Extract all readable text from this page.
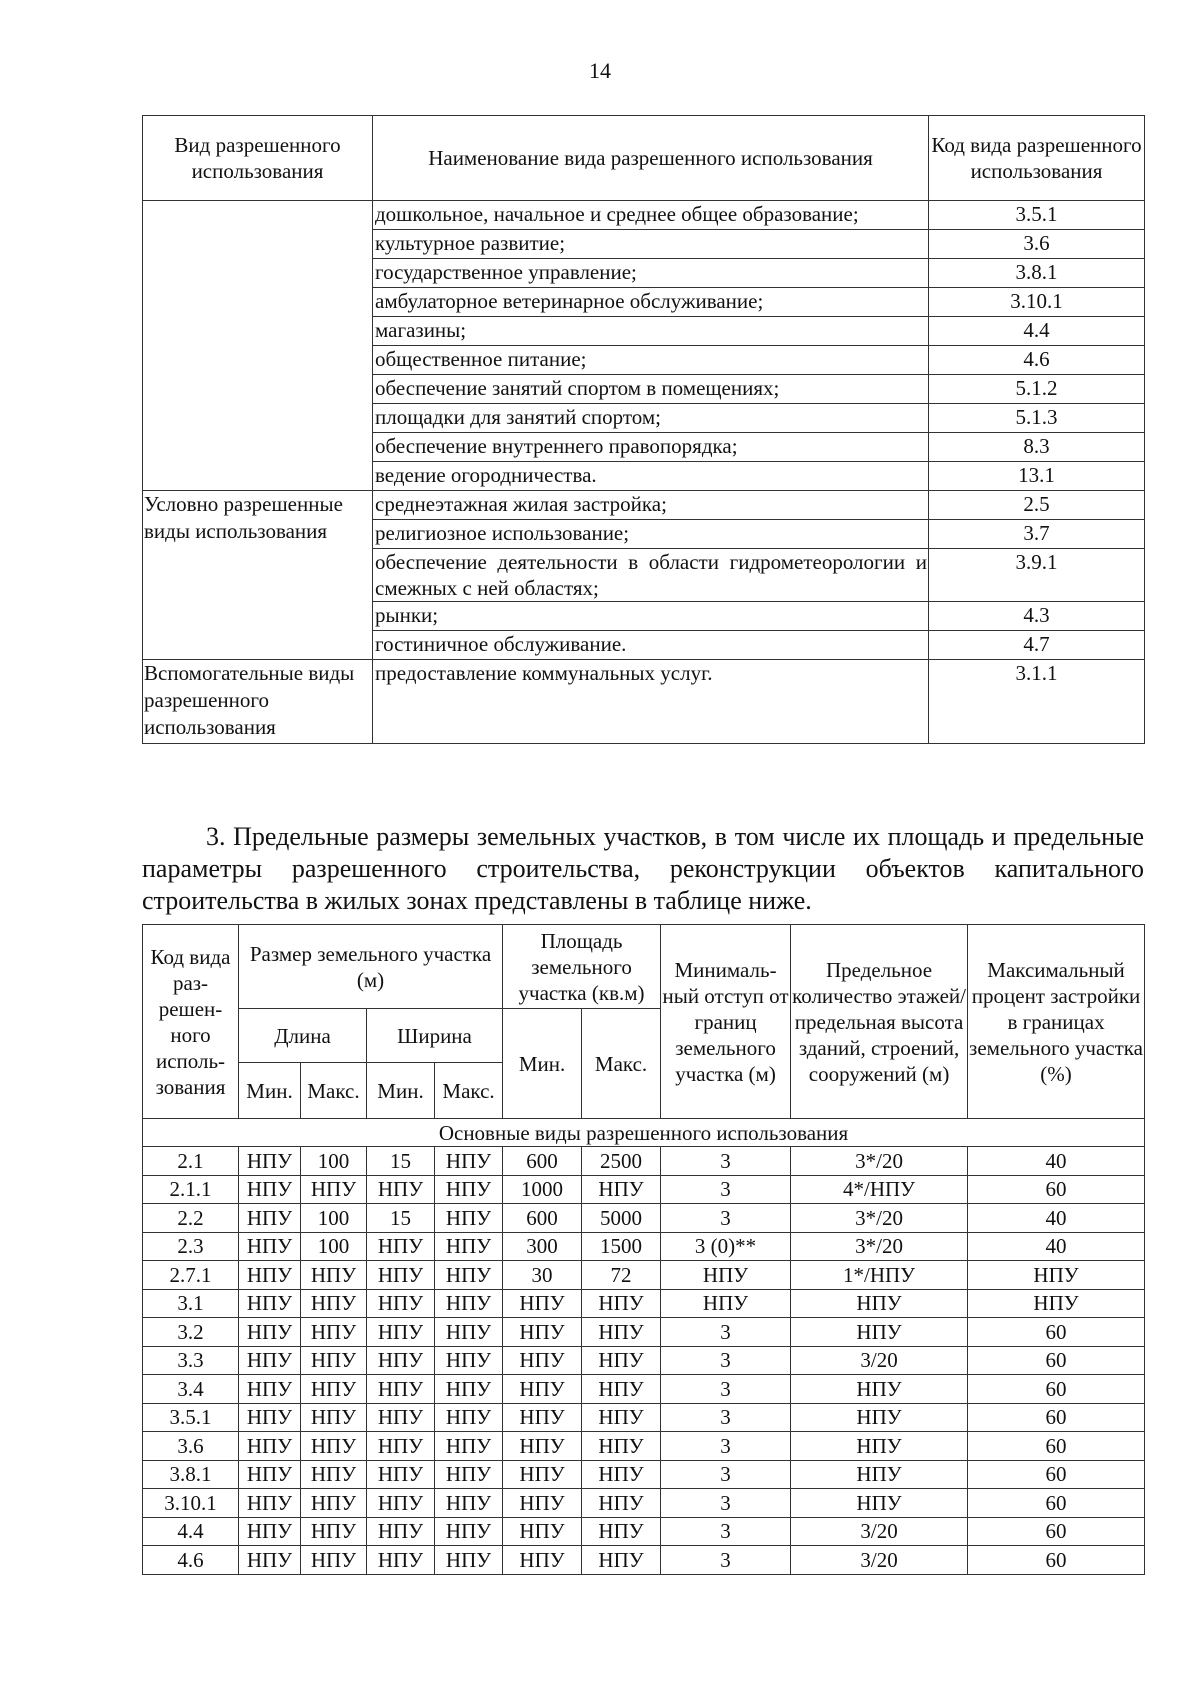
14
Вид разрешенного использования	Наименование вида разрешенного использования	Код вида разрешенного использования
	дошкольное, начальное и среднее общее образование;	3.5.1
	культурное развитие;	3.6
	государственное управление;	3.8.1
	амбулаторное ветеринарное обслуживание;	3.10.1
	магазины;	4.4
	общественное питание;	4.6
	обеспечение занятий спортом в помещениях;	5.1.2
	площадки для занятий спортом;	5.1.3
	обеспечение внутреннего правопорядка;	8.3
	ведение огородничества.	13.1
Условно разрешенные виды использования	среднеэтажная жилая застройка;	2.5
	религиозное использование;	3.7
	обеспечение деятельности в области гидрометеорологии и смежных с ней областях;	3.9.1
	рынки;	4.3
	гостиничное обслуживание.	4.7
Вспомогательные виды разрешенного использования	предоставление коммунальных услуг.	3.1.1

3. Предельные размеры земельных участков, в том числе их площадь и предельные параметры разрешенного строительства, реконструкции объектов капитального строительства в жилых зонах представлены в таблице ниже.

Код вида раз- решен- ного исполь- зования	Размер земельного участка (м)				Площадь земельного участка (кв.м)		Минималь- ный отступ от границ земельного участка (м)	Предельное количество этажей/ предельная высота зданий, строений, сооружений (м)	Максимальный процент застройки в границах земельного участка (%)
	Длина		Ширина		Мин.	Макс.			
	Мин.	Макс.	Мин.	Макс.					
Основные виды разрешенного использования									
2.1	НПУ	100	15	НПУ	600	2500	3	3*/20	40
2.1.1	НПУ	НПУ	НПУ	НПУ	1000	НПУ	3	4*/НПУ	60
2.2	НПУ	100	15	НПУ	600	5000	3	3*/20	40
2.3	НПУ	100	НПУ	НПУ	300	1500	3 (0)**	3*/20	40
2.7.1	НПУ	НПУ	НПУ	НПУ	30	72	НПУ	1*/НПУ	НПУ
3.1	НПУ	НПУ	НПУ	НПУ	НПУ	НПУ	НПУ	НПУ	НПУ
3.2	НПУ	НПУ	НПУ	НПУ	НПУ	НПУ	3	НПУ	60
3.3	НПУ	НПУ	НПУ	НПУ	НПУ	НПУ	3	3/20	60
3.4	НПУ	НПУ	НПУ	НПУ	НПУ	НПУ	3	НПУ	60
3.5.1	НПУ	НПУ	НПУ	НПУ	НПУ	НПУ	3	НПУ	60
3.6	НПУ	НПУ	НПУ	НПУ	НПУ	НПУ	3	НПУ	60
3.8.1	НПУ	НПУ	НПУ	НПУ	НПУ	НПУ	3	НПУ	60
3.10.1	НПУ	НПУ	НПУ	НПУ	НПУ	НПУ	3	НПУ	60
4.4	НПУ	НПУ	НПУ	НПУ	НПУ	НПУ	3	3/20	60
4.6	НПУ	НПУ	НПУ	НПУ	НПУ	НПУ	3	3/20	60
